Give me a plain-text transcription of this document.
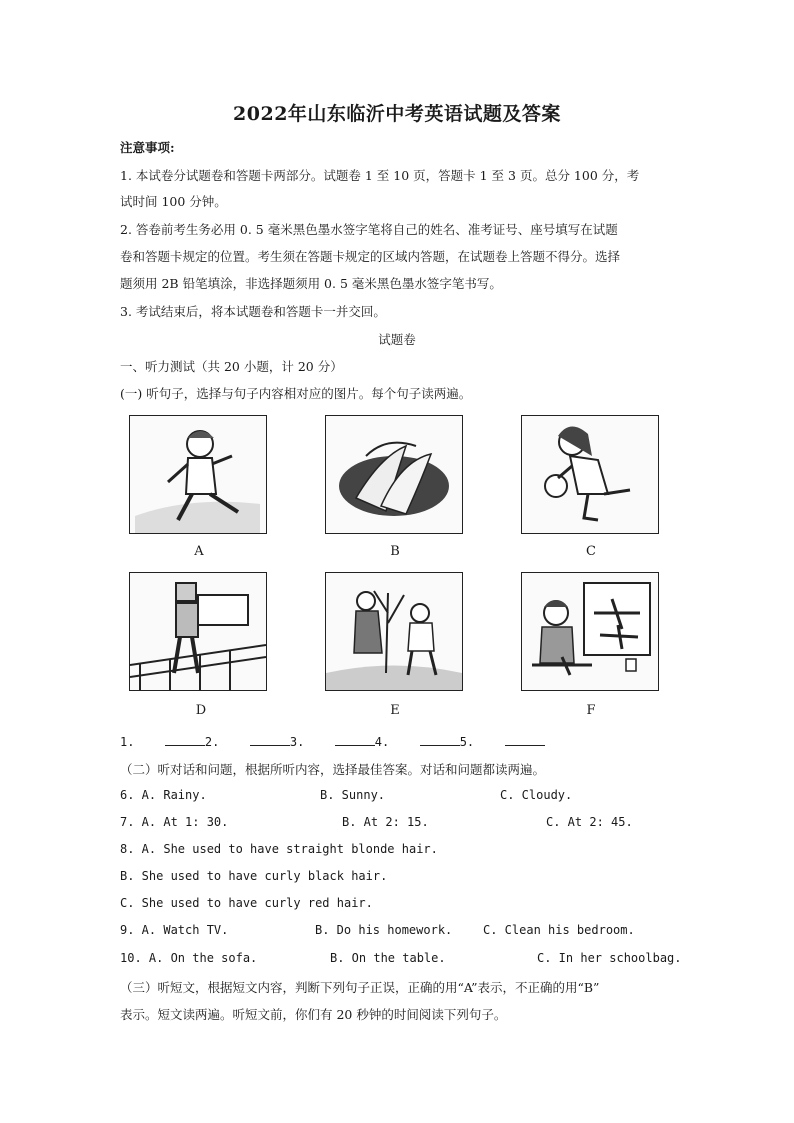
2022年山东临沂中考英语试题及答案
注意事项:
1. 本试卷分试题卷和答题卡两部分。试题卷 1 至 10 页，答题卡 1 至 3 页。总分 100 分，考
试时间 100 分钟。
2. 答卷前考生务必用 0. 5 毫米黑色墨水签字笔将自己的姓名、准考证号、座号填写在试题
卷和答题卡规定的位置。考生须在答题卡规定的区域内答题，在试题卷上答题不得分。选择
题须用 2B 铅笔填涂，非选择题须用 0. 5 毫米黑色墨水签字笔书写。
3. 考试结束后，将本试题卷和答题卡一并交回。
试题卷
一、听力测试（共 20 小题，计 20 分）
(一) 听句子，选择与句子内容相对应的图片。每个句子读两遍。
A	B	C
D	E	F
1.	2.	3.	4.	5.
（二）听对话和问题，根据所听内容，选择最佳答案。对话和问题都读两遍。
6. A. Rainy.	B. Sunny.	C. Cloudy.
7. A. At 1: 30.	B. At 2: 15.	C. At 2: 45.
8. A. She used to have straight blonde hair.
B. She used to have curly black hair.
C. She used to have curly red hair.
9. A. Watch TV.	B. Do his homework.	C. Clean his bedroom.
10. A. On the sofa.	B. On the table.	C. In her schoolbag.
（三）听短文，根据短文内容，判断下列句子正误，正确的用“A”表示，不正确的用“B”
表示。短文读两遍。听短文前，你们有 20 秒钟的时间阅读下列句子。
